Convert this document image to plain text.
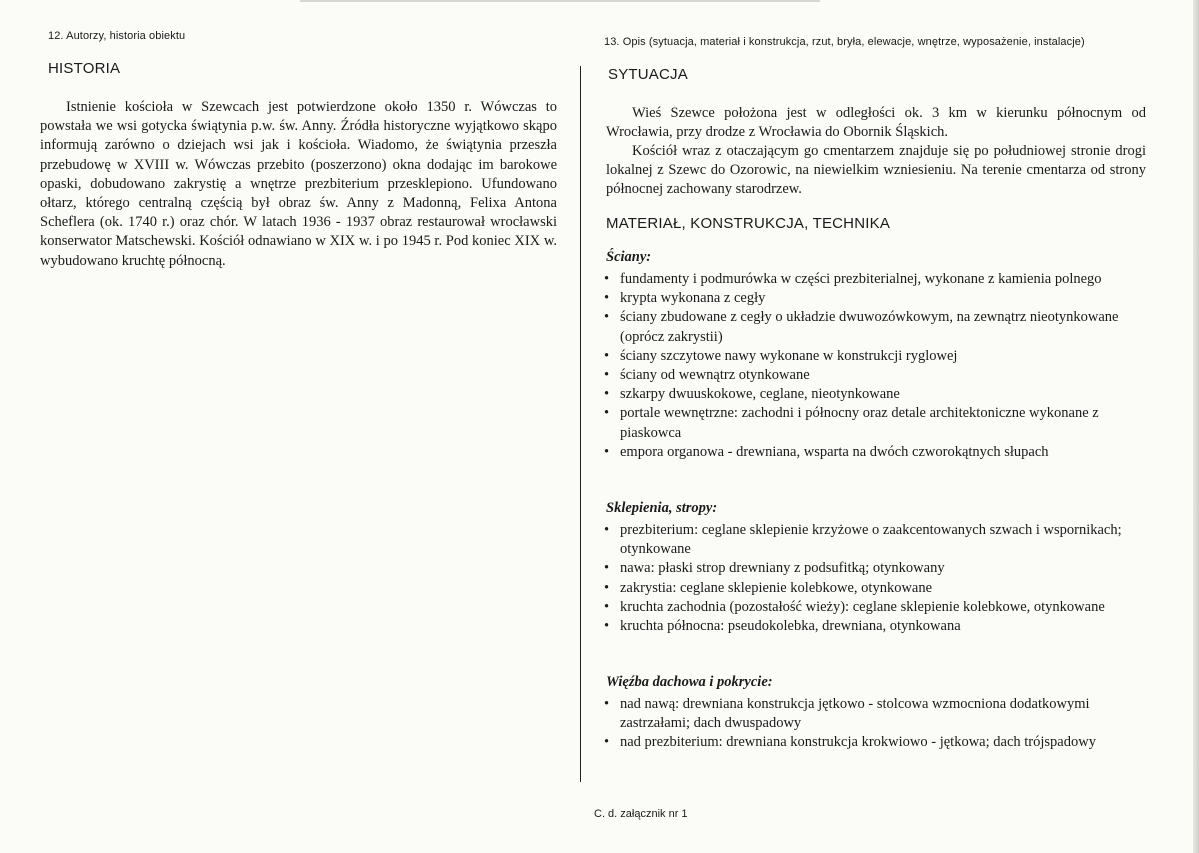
12. Autorzy, historia obiektu
HISTORIA
Istnienie kościoła w Szewcach jest potwierdzone około 1350 r. Wówczas to powstała we wsi gotycka świątynia p.w. św. Anny. Źródła historyczne wyjątkowo skąpo informują zarówno o dziejach wsi jak i kościoła. Wiadomo, że świątynia przeszła przebudowę w XVIII w. Wówczas przebito (poszerzono) okna dodając im barokowe opaski, dobudowano zakrystię a wnętrze prezbiterium przesklepiono. Ufundowano ołtarz, którego centralną częścią był obraz św. Anny z Madonną, Felixa Antona Scheflera (ok. 1740 r.) oraz chór. W latach 1936 - 1937 obraz restaurował wrocławski konserwator Matschewski. Kościół odnawiano w XIX w. i po 1945 r. Pod koniec XIX w. wybudowano kruchtę północną.
13. Opis (sytuacja, materiał i konstrukcja, rzut, bryła, elewacje, wnętrze, wyposażenie, instalacje)
SYTUACJA
Wieś Szewce położona jest w odległości ok. 3 km w kierunku północnym od Wrocławia, przy drodze z Wrocławia do Obornik Śląskich.
Kościół wraz z otaczającym go cmentarzem znajduje się po południowej stronie drogi lokalnej z Szewc do Ozorowic, na niewielkim wzniesieniu. Na terenie cmentarza od strony północnej zachowany starodrzew.
MATERIAŁ, KONSTRUKCJA, TECHNIKA
Ściany:
• fundamenty i podmurówka w części prezbiterialnej, wykonane z kamienia polnego
• krypta wykonana z cegły
• ściany zbudowane z cegły o układzie dwuwozówkowym, na zewnątrz nieotynkowane (oprócz zakrystii)
• ściany szczytowe nawy wykonane w konstrukcji ryglowej
• ściany od wewnątrz otynkowane
• szkarpy dwuuskokowe, ceglane, nieotynkowane
• portale wewnętrzne: zachodni i północny oraz detale architektoniczne wykonane z piaskowca
• empora organowa - drewniana, wsparta na dwóch czworokątnych słupach
Sklepienia, stropy:
• prezbiterium: ceglane sklepienie krzyżowe o zaakcentowanych szwach i wspornikach; otynkowane
• nawa: płaski strop drewniany z podsufitką; otynkowany
• zakrystia: ceglane sklepienie kolebkowe, otynkowane
• kruchta zachodnia (pozostałość wieży): ceglane sklepienie kolebkowe, otynkowane
• kruchta północna: pseudokolebka, drewniana, otynkowana
Więźba dachowa i pokrycie:
• nad nawą: drewniana konstrukcja jętkowo - stolcowa wzmocniona dodatkowymi zastrzałami; dach dwuspadowy
• nad prezbiterium: drewniana konstrukcja krokwiowo - jętkowa; dach trójspadowy
C. d. załącznik nr 1
